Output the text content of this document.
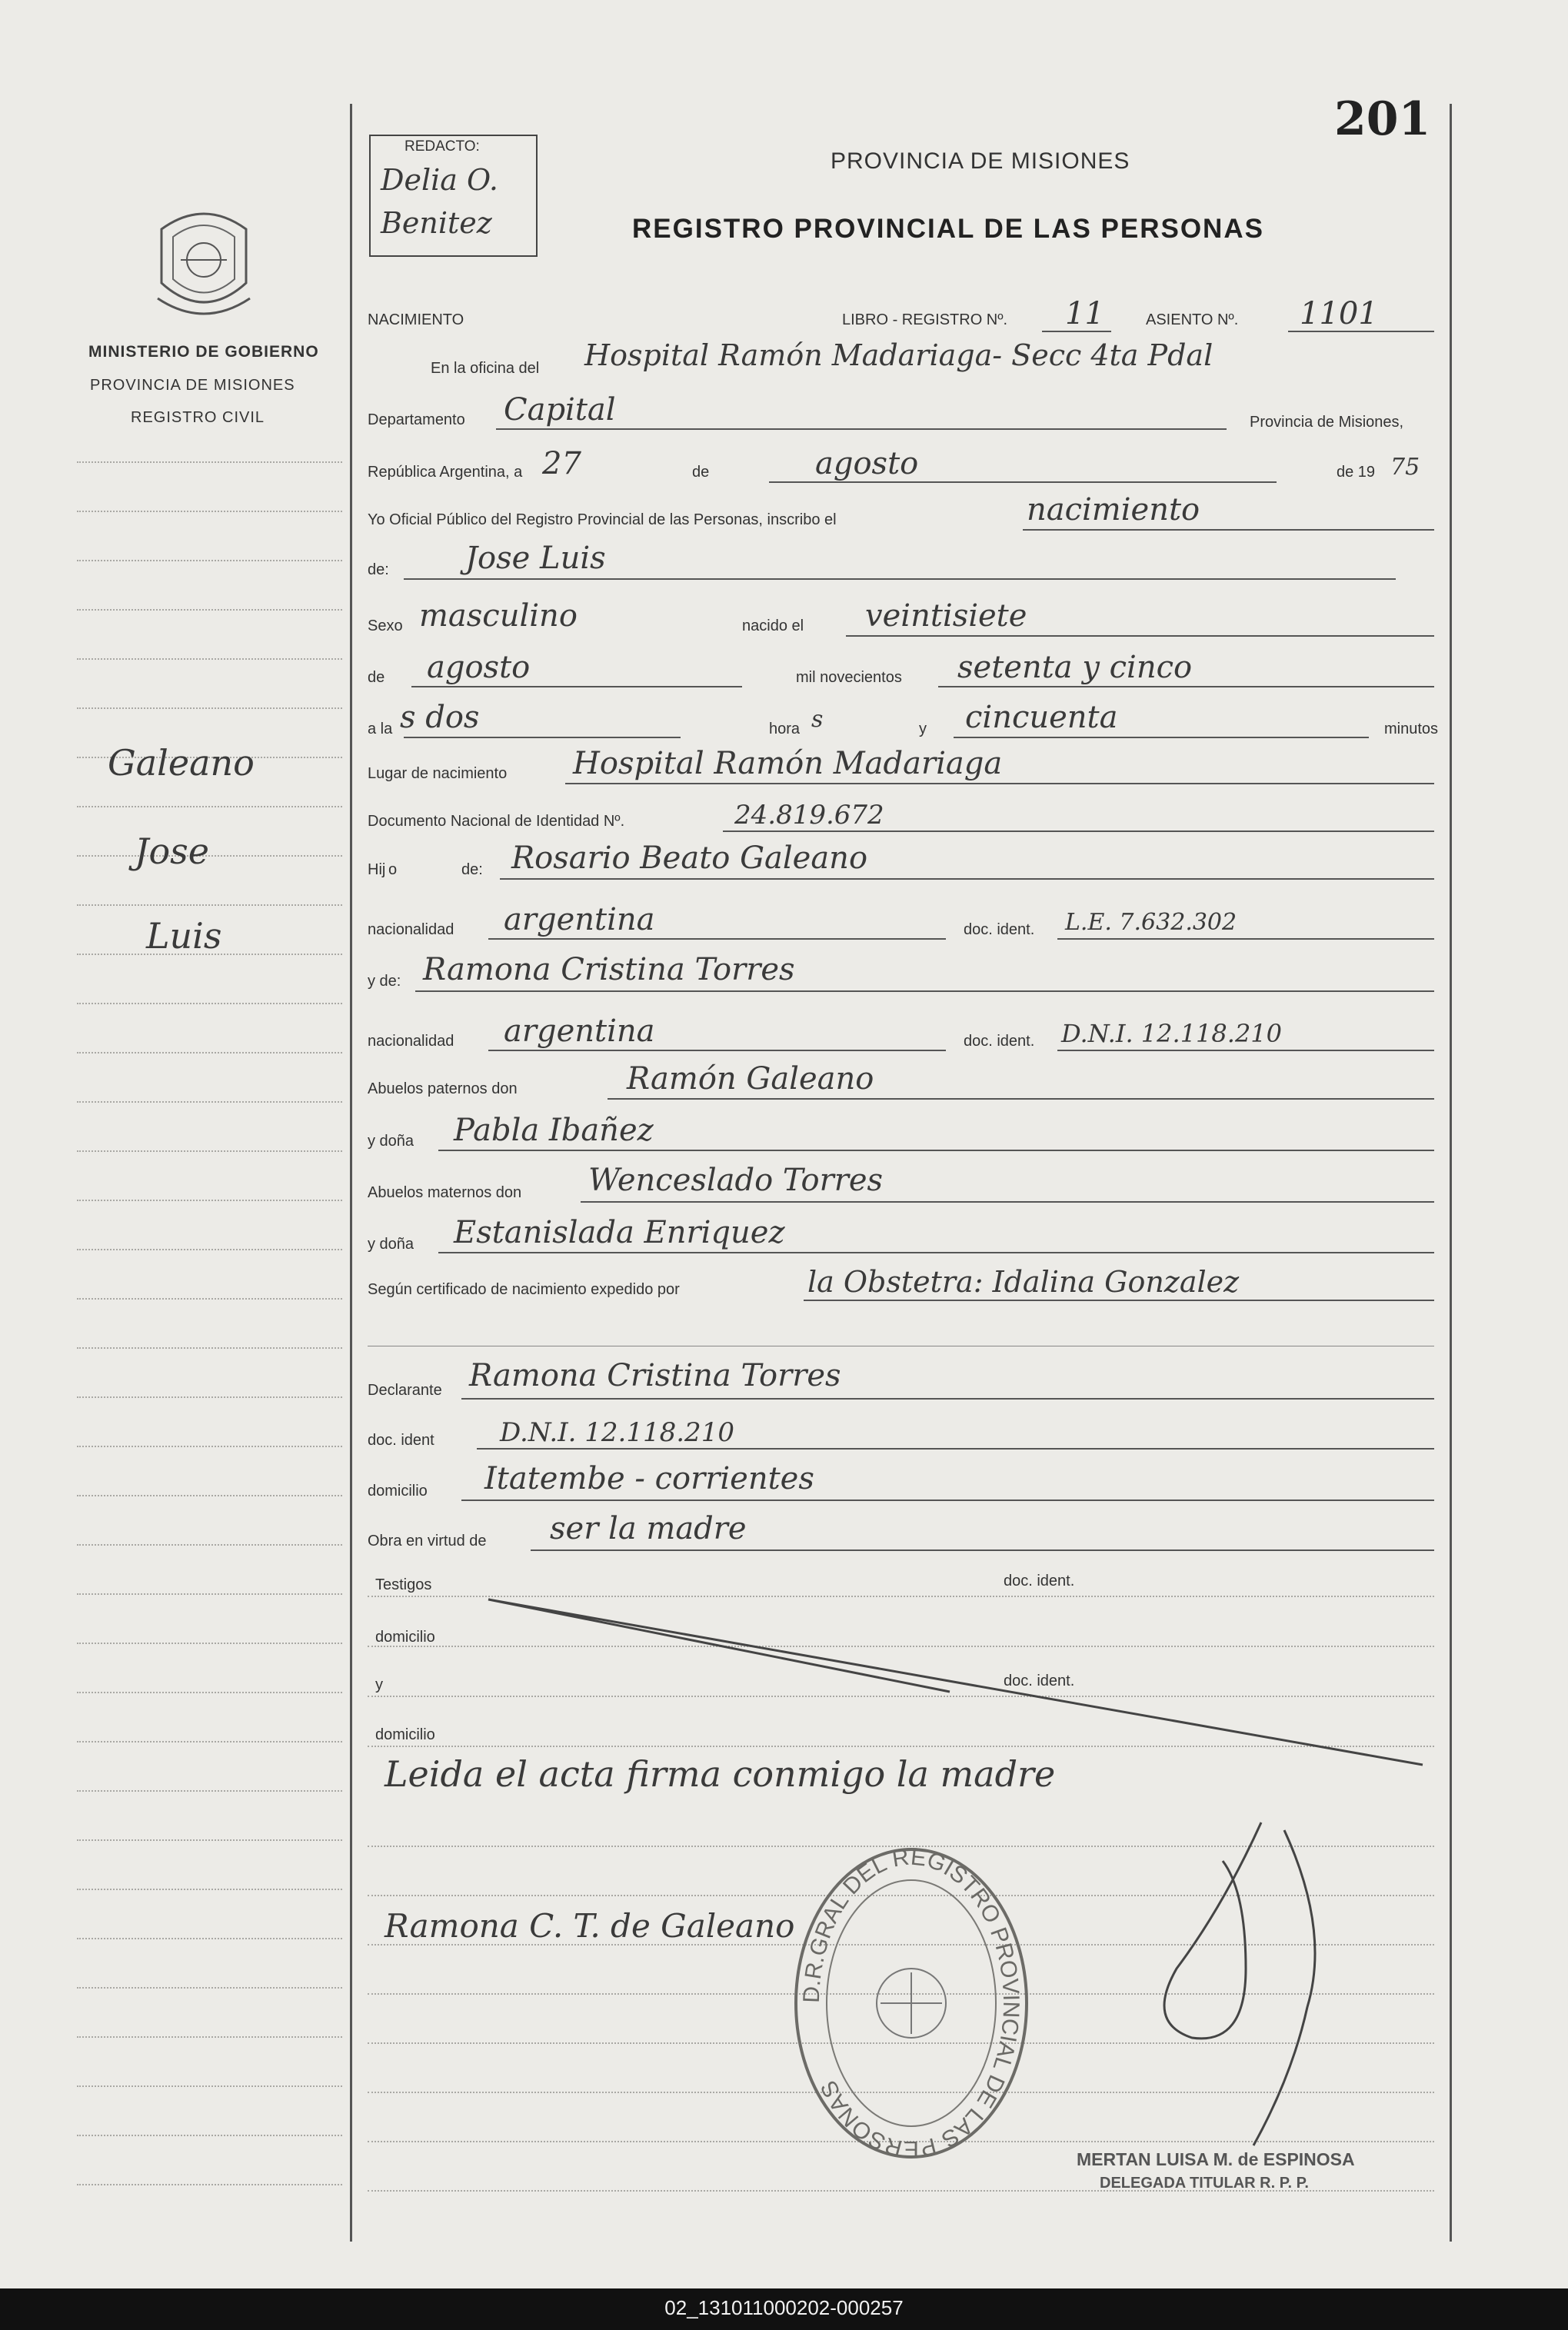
MINISTERIO DE GOBIERNO
PROVINCIA DE MISIONES
REGISTRO CIVIL
Galeano
Jose
Luis
REDACTO:
Delia O.
Benitez
201
PROVINCIA DE MISIONES
REGISTRO PROVINCIAL DE LAS PERSONAS
NACIMIENTO	LIBRO - REGISTRO Nº. 11	ASIENTO Nº. 1101
En la oficina del Hospital Ramón Madariaga- Secc 4ta Pdal
Departamento Capital	Provincia de Misiones,
República Argentina, a 27	de	agosto	de 19 75
Yo Oficial Público del Registro Provincial de las Personas, inscribo el	nacimiento
de: Jose Luis
Sexo masculino	nacido el veintisiete
de agosto	mil novecientos setenta y cinco
a la s dos	hora s	y cincuenta	minutos
Lugar de nacimiento Hospital Ramón Madariaga
Documento Nacional de Identidad Nº.	24.819.672
Hij o	de: Rosario Beato Galeano
nacionalidad argentina	doc. ident. L.E. 7.632.302
y de: Ramona Cristina Torres
nacionalidad argentina	doc. ident. D.N.I. 12.118.210
Abuelos paternos don	Ramón Galeano
y doña Pabla Ibañez
Abuelos maternos don Wenceslado Torres
y doña Estanislada Enriquez
Según certificado de nacimiento expedido por	la Obstetra: Idalina Gonzalez
Declarante Ramona Cristina Torres
doc. ident	D.N.I. 12.118.210
domicilio Itatembe - corrientes
Obra en virtud de ser la madre
Testigos	doc. ident.
domicilio
y	doc. ident.
domicilio
Leida el acta firma conmigo la madre
Ramona C. T. de Galeano
D.R.GRAL DEL REGISTRO PROVINCIAL DE LAS PERSONAS
MERTAN LUISA M. de ESPINOSA
DELEGADA TITULAR R. P. P.
02_131011000202-000257
